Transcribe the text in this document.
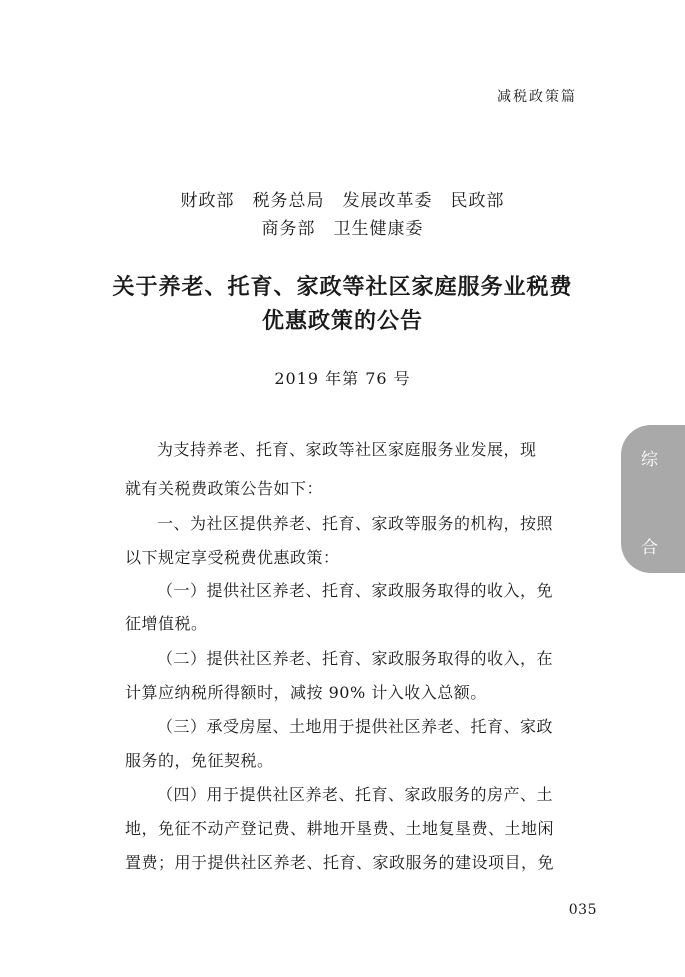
减税政策篇
财政部 税务总局 发展改革委 民政部
商务部 卫生健康委
关于养老、托育、家政等社区家庭服务业税费
优惠政策的公告
2019 年第 76 号
为支持养老、托育、家政等社区家庭服务业发展，现
就有关税费政策公告如下：
一、为社区提供养老、托育、家政等服务的机构，按照
以下规定享受税费优惠政策：
（一）提供社区养老、托育、家政服务取得的收入，免
征增值税。
（二）提供社区养老、托育、家政服务取得的收入，在
计算应纳税所得额时，减按 90% 计入收入总额。
（三）承受房屋、土地用于提供社区养老、托育、家政
服务的，免征契税。
（四）用于提供社区养老、托育、家政服务的房产、土
地，免征不动产登记费、耕地开垦费、土地复垦费、土地闲
置费；用于提供社区养老、托育、家政服务的建设项目，免
综
合
035
